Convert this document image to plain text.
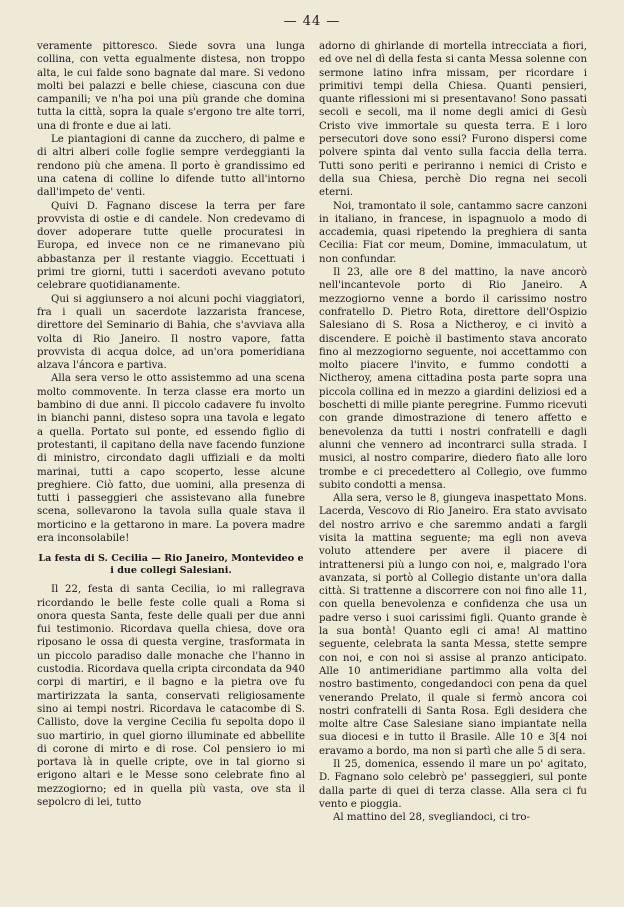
— 44 —

veramente pittoresco. Siede sovra una lunga collina, con vetta egualmente distesa, non troppo alta, le cui falde sono bagnate dal mare. Si vedono molti bei palazzi e belle chiese, ciascuna con due campanili; ve n'ha poi una più grande che domina tutta la città, sopra la quale s'ergono tre alte torri, una di fronte e due ai lati.

Le piantagioni di canne da zucchero, di palme e di altri alberi colle foglie sempre verdeggianti la rendono più che amena. Il porto è grandissimo ed una catena di colline lo difende tutto all'intorno dall'impeto de' venti.

Quivi D. Fagnano discese la terra per fare provvista di ostie e di candele. Non credevamo di dover adoperare tutte quelle procuratesi in Europa, ed invece non ce ne rimanevano più abbastanza per il restante viaggio. Eccettuati i primi tre giorni, tutti i sacerdoti avevano potuto celebrare quotidianamente.

Qui si aggiunsero a noi alcuni pochi viaggiatori, fra i quali un sacerdote lazzarista francese, direttore del Seminario di Bahia, che s'avviava alla volta di Rio Janeiro. Il nostro vapore, fatta provvista di acqua dolce, ad un'ora pomeridiana alzava l'áncora e partiva.

Alla sera verso le otto assistemmo ad una scena molto commovente. In terza classe era morto un bambino di due anni. Il piccolo cadavere fu involto in bianchi panni, disteso sopra una tavola e legato a quella. Portato sul ponte, ed essendo figlio di protestanti, il capitano della nave facendo funzione di ministro, circondato dagli uffiziali e da molti marinai, tutti a capo scoperto, lesse alcune preghiere. Ciò fatto, due uomini, alla presenza di tutti i passeggieri che assistevano alla funebre scena, sollevarono la tavola sulla quale stava il morticino e la gettarono in mare. La povera madre era inconsolabile!

La festa di S. Cecilia — Rio Janeiro, Montevideo e i due collegi Salesiani.

Il 22, festa di santa Cecilia, io mi rallegrava ricordando le belle feste colle quali a Roma si onora questa Santa, feste delle quali per due anni fui testimonio. Ricordava quella chiesa, dove ora riposano le ossa di questa vergine, trasformata in un piccolo paradiso dalle monache che l'hanno in custodia. Ricordava quella cripta circondata da 940 corpi di martiri, e il bagno e la pietra ove fu martirizzata la santa, conservati religiosamente sino ai tempi nostri. Ricordava le catacombe di S. Callisto, dove la vergine Cecilia fu sepolta dopo il suo martirio, in quel giorno illuminate ed abbellite di corone di mirto e di rose. Col pensiero io mi portava là in quelle cripte, ove in tal giorno si erigono altari e le Messe sono celebrate fino al mezzogiorno; ed in quella più vasta, ove sta il sepolcro di lei, tutto

adorno di ghirlande di mortella intrecciata a fiori, ed ove nel dì della festa si canta Messa solenne con sermone latino infra missam, per ricordare i primitivi tempi della Chiesa. Quanti pensieri, quante riflessioni mi si presentavano! Sono passati secoli e secoli, ma il nome degli amici di Gesù Cristo vive immortale su questa terra. E i loro persecutori dove sono essi? Furono dispersi come polvere spinta dal vento sulla faccia della terra. Tutti sono periti e periranno i nemici di Cristo e della sua Chiesa, perchè Dio regna nei secoli eterni.

Noi, tramontato il sole, cantammo sacre canzoni in italiano, in francese, in ispagnuolo a modo di accademia, quasi ripetendo la preghiera di santa Cecilia: Fiat cor meum, Domine, immaculatum, ut non confundar.

Il 23, alle ore 8 del mattino, la nave ancorò nell'incantevole porto di Rio Janeiro. A mezzogiorno venne a bordo il carissimo nostro confratello D. Pietro Rota, direttore dell'Ospizio Salesiano di S. Rosa a Nictheroy, e ci invitò a discendere. E poichè il bastimento stava ancorato fino al mezzogiorno seguente, noi accettammo con molto piacere l'invito, e fummo condotti a Nictheroy, amena cittadina posta parte sopra una piccola collina ed in mezzo a giardini deliziosi ed a boschetti di mille piante peregrine. Fummo ricevuti con grande dimostrazione di tenero affetto e benevolenza da tutti i nostri confratelli e dagli alunni che vennero ad incontrarci sulla strada. I musici, al nostro comparire, diedero fiato alle loro trombe e ci precedettero al Collegio, ove fummo subito condotti a mensa.

Alla sera, verso le 8, giungeva inaspettato Mons. Lacerda, Vescovo di Rio Janeiro. Era stato avvisato del nostro arrivo e che saremmo andati a fargli visita la mattina seguente; ma egli non aveva voluto attendere per avere il piacere di intrattenersi più a lungo con noi, e, malgrado l'ora avanzata, si portò al Collegio distante un'ora dalla città. Si trattenne a discorrere con noi fino alle 11, con quella benevolenza e confidenza che usa un padre verso i suoi carissimi figli. Quanto grande è la sua bontà! Quanto egli ci ama! Al mattino seguente, celebrata la santa Messa, stette sempre con noi, e con noi si assise al pranzo anticipato. Alle 10 antimeridiane partimmo alla volta del nostro bastimento, congedandoci con pena da quel venerando Prelato, il quale si fermò ancora coi nostri confratelli di Santa Rosa. Egli desidera che molte altre Case Salesiane siano impiantate nella sua diocesi e in tutto il Brasile. Alle 10 e 3[4 noi eravamo a bordo, ma non si partì che alle 5 di sera.

Il 25, domenica, essendo il mare un po' agitato, D. Fagnano solo celebrò pe' passeggieri, sul ponte dalla parte di quei di terza classe. Alla sera ci fu vento e pioggia.

Al mattino del 28, svegliandoci, ci tro-
